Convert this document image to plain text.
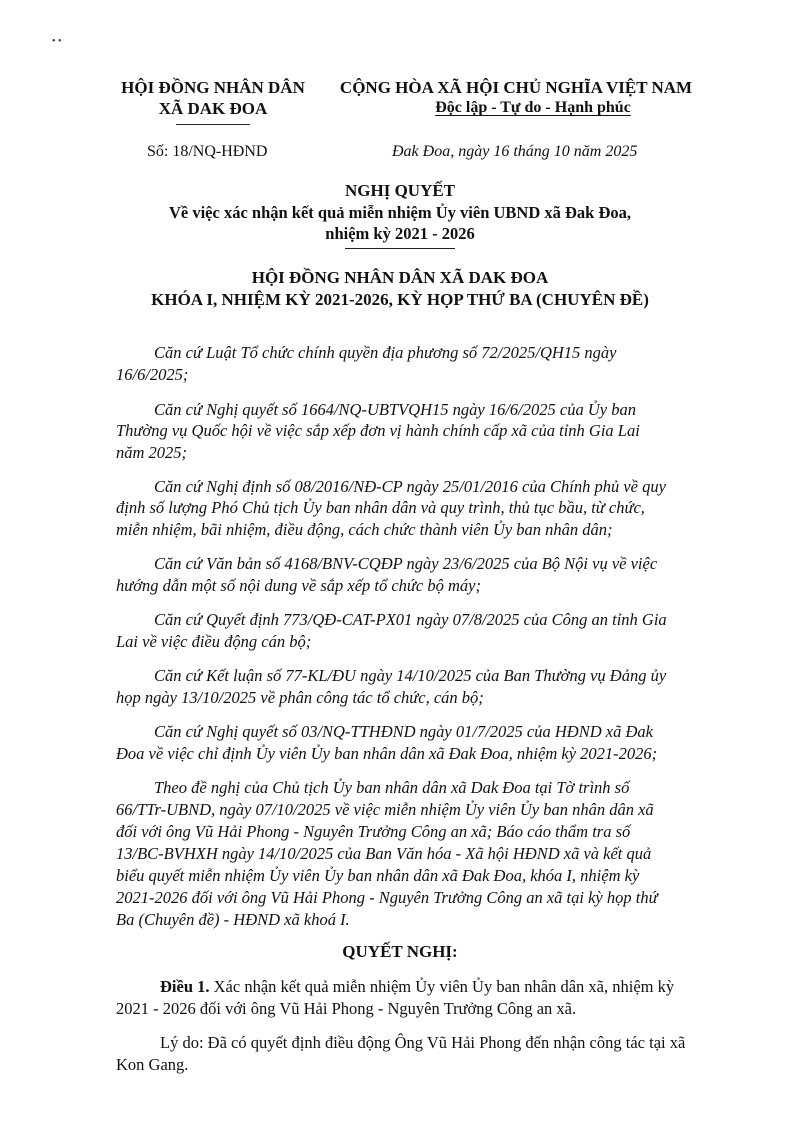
• •
HỘI ĐỒNG NHÂN DÂN
XÃ DAK ĐOA
CỘNG HÒA XÃ HỘI CHỦ NGHĨA VIỆT NAM
Độc lập - Tự do - Hạnh phúc
Số: 18/NQ-HĐND	Đak Đoa, ngày 16 tháng 10 năm 2025
NGHỊ QUYẾT
Về việc xác nhận kết quả miễn nhiệm Ủy viên UBND xã Đak Đoa,
nhiệm kỳ 2021 - 2026
HỘI ĐỒNG NHÂN DÂN XÃ DAK ĐOA
KHÓA I, NHIỆM KỲ 2021-2026, KỲ HỌP THỨ BA (CHUYÊN ĐỀ)
Căn cứ Luật Tổ chức chính quyền địa phương số 72/2025/QH15 ngày
16/6/2025;
Căn cứ Nghị quyết số 1664/NQ-UBTVQH15 ngày 16/6/2025 của Ủy ban
Thường vụ Quốc hội về việc sắp xếp đơn vị hành chính cấp xã của tỉnh Gia Lai
năm 2025;
Căn cứ Nghị định số 08/2016/NĐ-CP ngày 25/01/2016 của Chính phủ về quy
định số lượng Phó Chủ tịch Ủy ban nhân dân và quy trình, thủ tục bầu, từ chức,
miễn nhiệm, bãi nhiệm, điều động, cách chức thành viên Ủy ban nhân dân;
Căn cứ Văn bản số 4168/BNV-CQĐP ngày 23/6/2025 của Bộ Nội vụ về việc
hướng dẫn một số nội dung về sắp xếp tổ chức bộ máy;
Căn cứ Quyết định 773/QĐ-CAT-PX01 ngày 07/8/2025 của Công an tỉnh Gia
Lai về việc điều động cán bộ;
Căn cứ Kết luận số 77-KL/ĐU ngày 14/10/2025 của Ban Thường vụ Đảng ủy
họp ngày 13/10/2025 về phân công tác tổ chức, cán bộ;
Căn cứ Nghị quyết số 03/NQ-TTHĐND ngày 01/7/2025 của HĐND xã Đak
Đoa về việc chỉ định Ủy viên Ủy ban nhân dân xã Đak Đoa, nhiệm kỳ 2021-2026;
Theo đề nghị của Chủ tịch Ủy ban nhân dân xã Dak Đoa tại Tờ trình số
66/TTr-UBND, ngày 07/10/2025 về việc miễn nhiệm Ủy viên Ủy ban nhân dân xã
đối với ông Vũ Hải Phong - Nguyên Trưởng Công an xã; Báo cáo thẩm tra số
13/BC-BVHXH ngày 14/10/2025 của Ban Văn hóa - Xã hội HĐND xã và kết quả
biểu quyết miễn nhiệm Ủy viên Ủy ban nhân dân xã Đak Đoa, khóa I, nhiệm kỳ
2021-2026 đối với ông Vũ Hải Phong - Nguyên Trưởng Công an xã tại kỳ họp thứ
Ba (Chuyên đề) - HĐND xã khoá I.
QUYẾT NGHỊ:
Điều 1. Xác nhận kết quả miễn nhiệm Ủy viên Ủy ban nhân dân xã, nhiệm kỳ
2021 - 2026 đối với ông Vũ Hải Phong - Nguyên Trưởng Công an xã.
Lý do: Đã có quyết định điều động Ông Vũ Hải Phong đến nhận công tác tại xã
Kon Gang.
